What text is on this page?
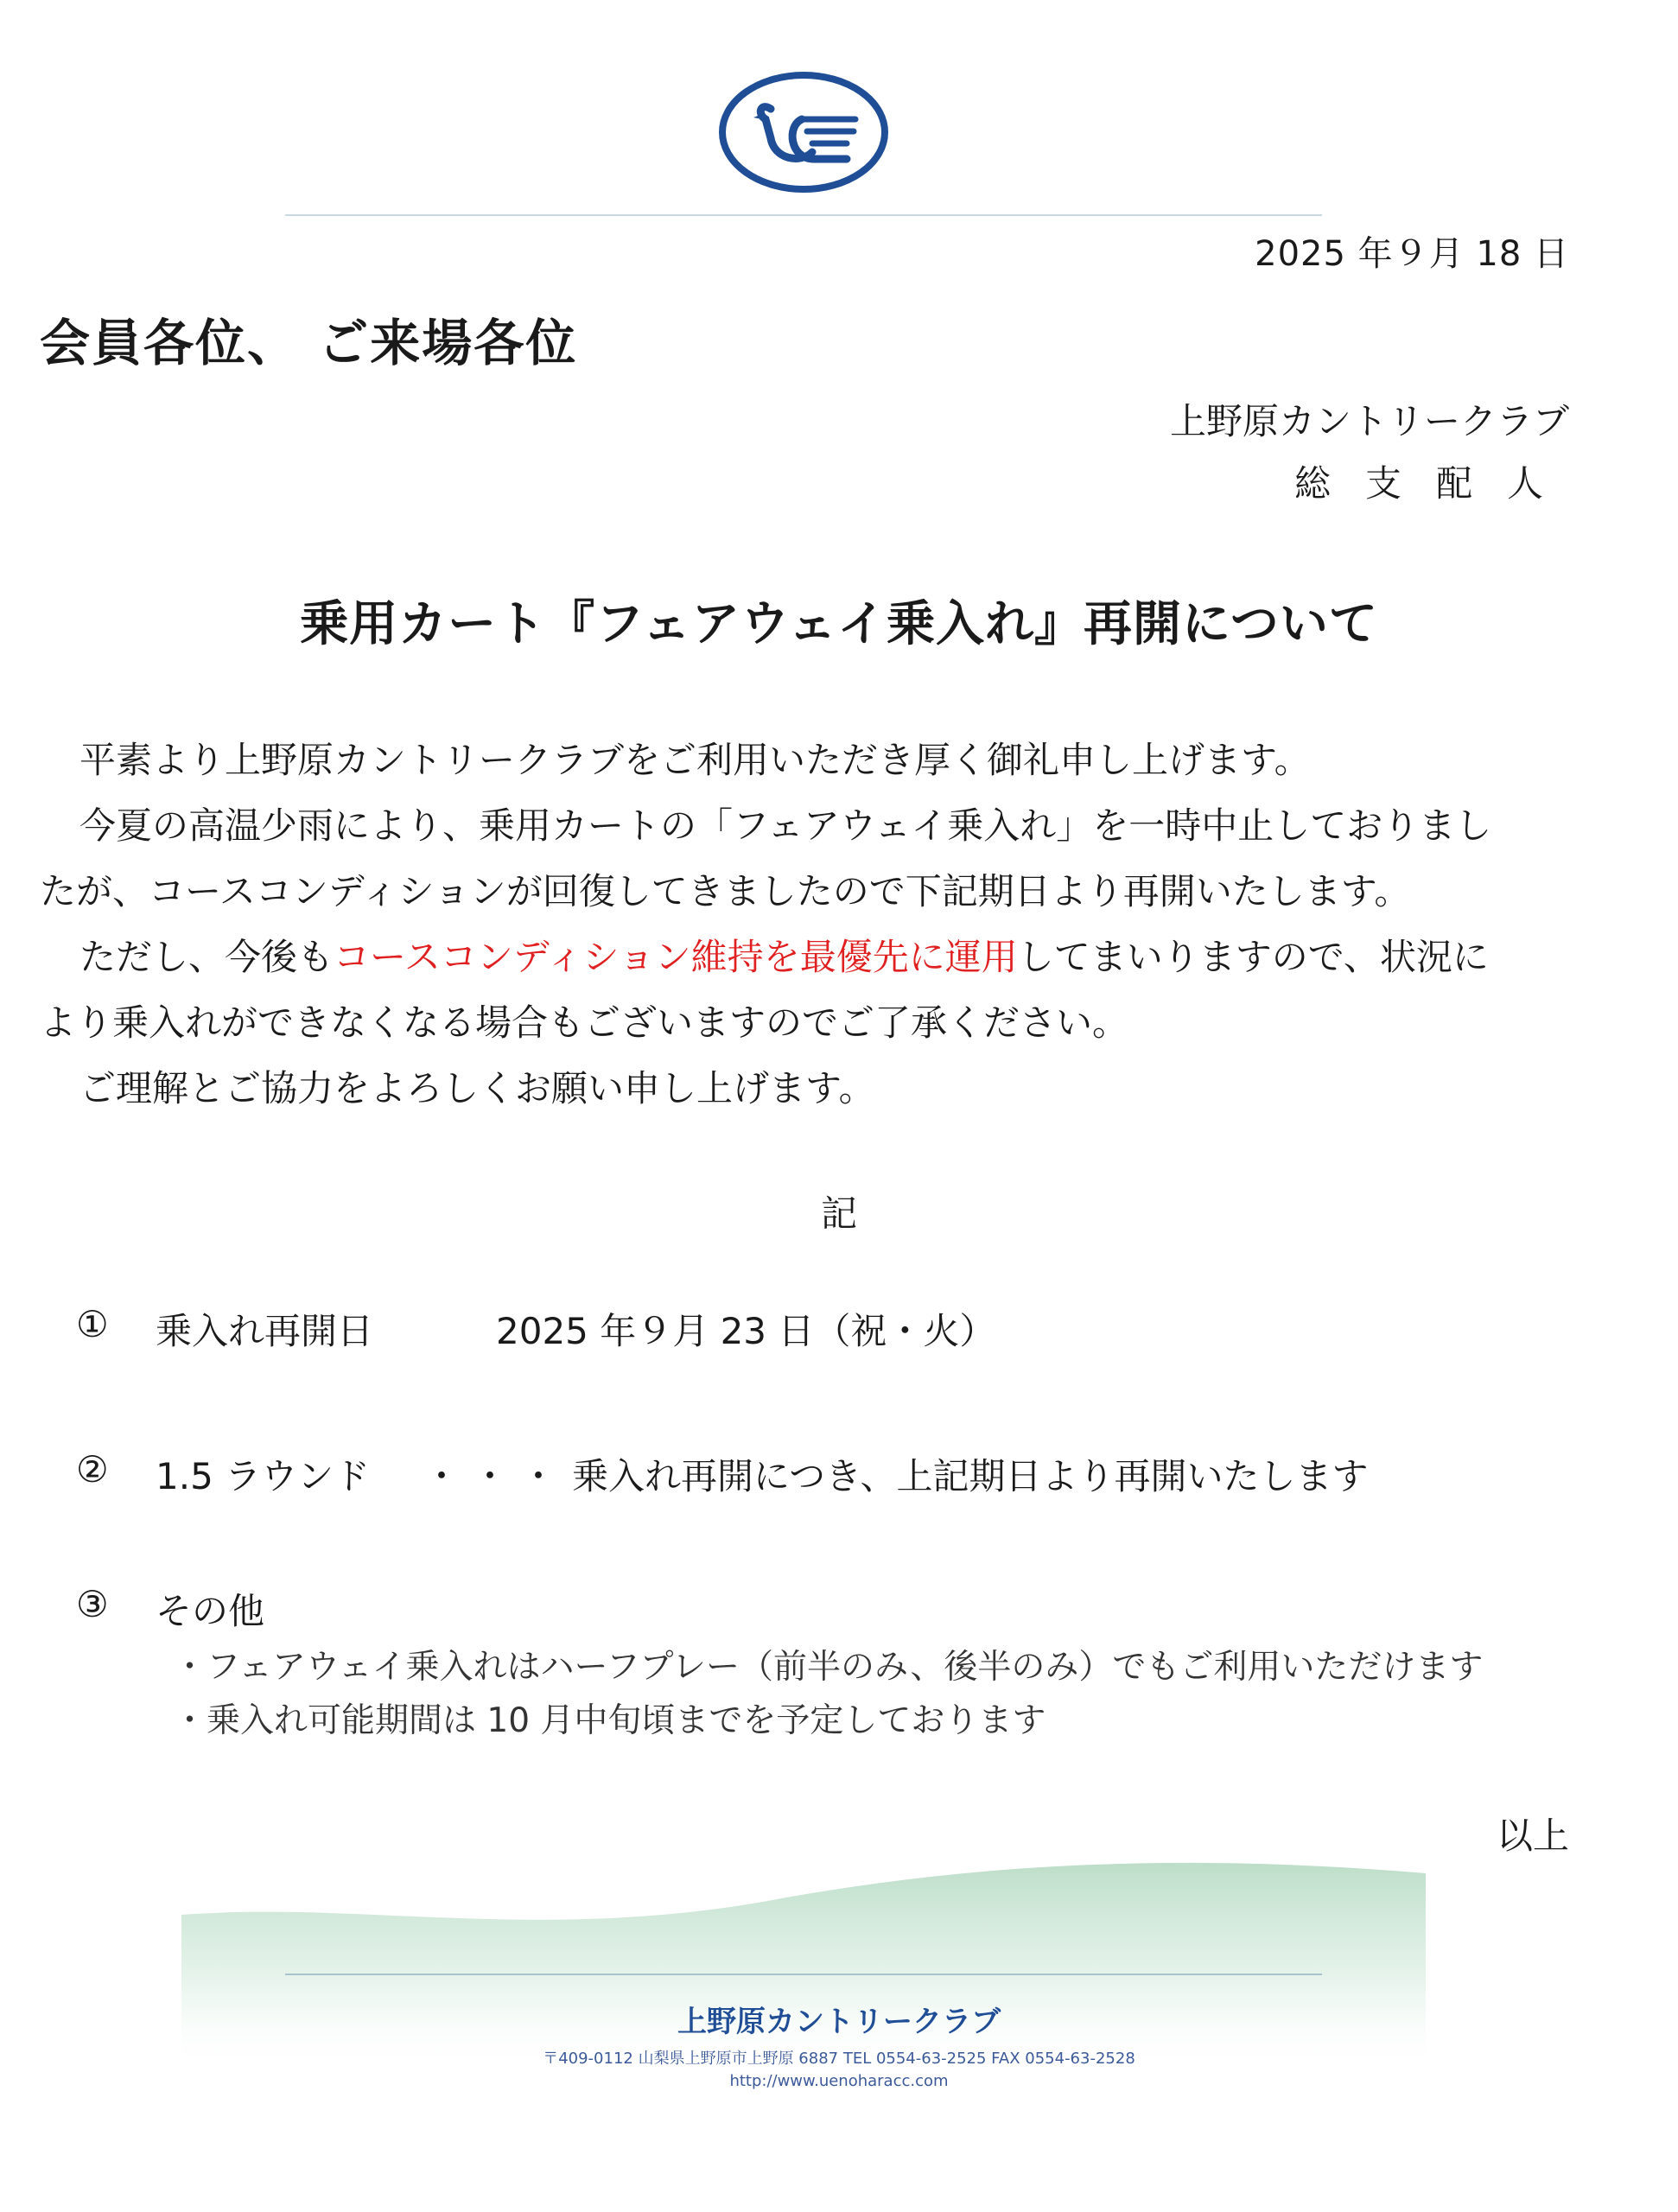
2025 年９月 18 日
会員各位、 ご来場各位
上野原カントリークラブ
総支配人
乗用カート『フェアウェイ乗入れ』再開について

平素より上野原カントリークラブをご利用いただき厚く御礼申し上げます。

今夏の高温少雨により、乗用カートの「フェアウェイ乗入れ」を一時中止しておりまし

たが、コースコンディションが回復してきましたので下記期日より再開いたします。

ただし、今後もコースコンディション維持を最優先に運用してまいりますので、状況に

より乗入れができなくなる場合もございますのでご了承ください。

ご理解とご協力をよろしくお願い申し上げます。

記
① 乗入れ再開日	2025 年９月 23 日（祝・火）
② 1.5 ラウンド ・・・ 乗入れ再開につき、上記期日より再開いたします
③ その他
・フェアウェイ乗入れはハーフプレー（前半のみ、後半のみ）でもご利用いただけます
・乗入れ可能期間は 10 月中旬頃までを予定しております
以上
上野原カントリークラブ
〒409-0112 山梨県上野原市上野原 6887 TEL 0554-63-2525 FAX 0554-63-2528
http://www.uenoharacc.com
